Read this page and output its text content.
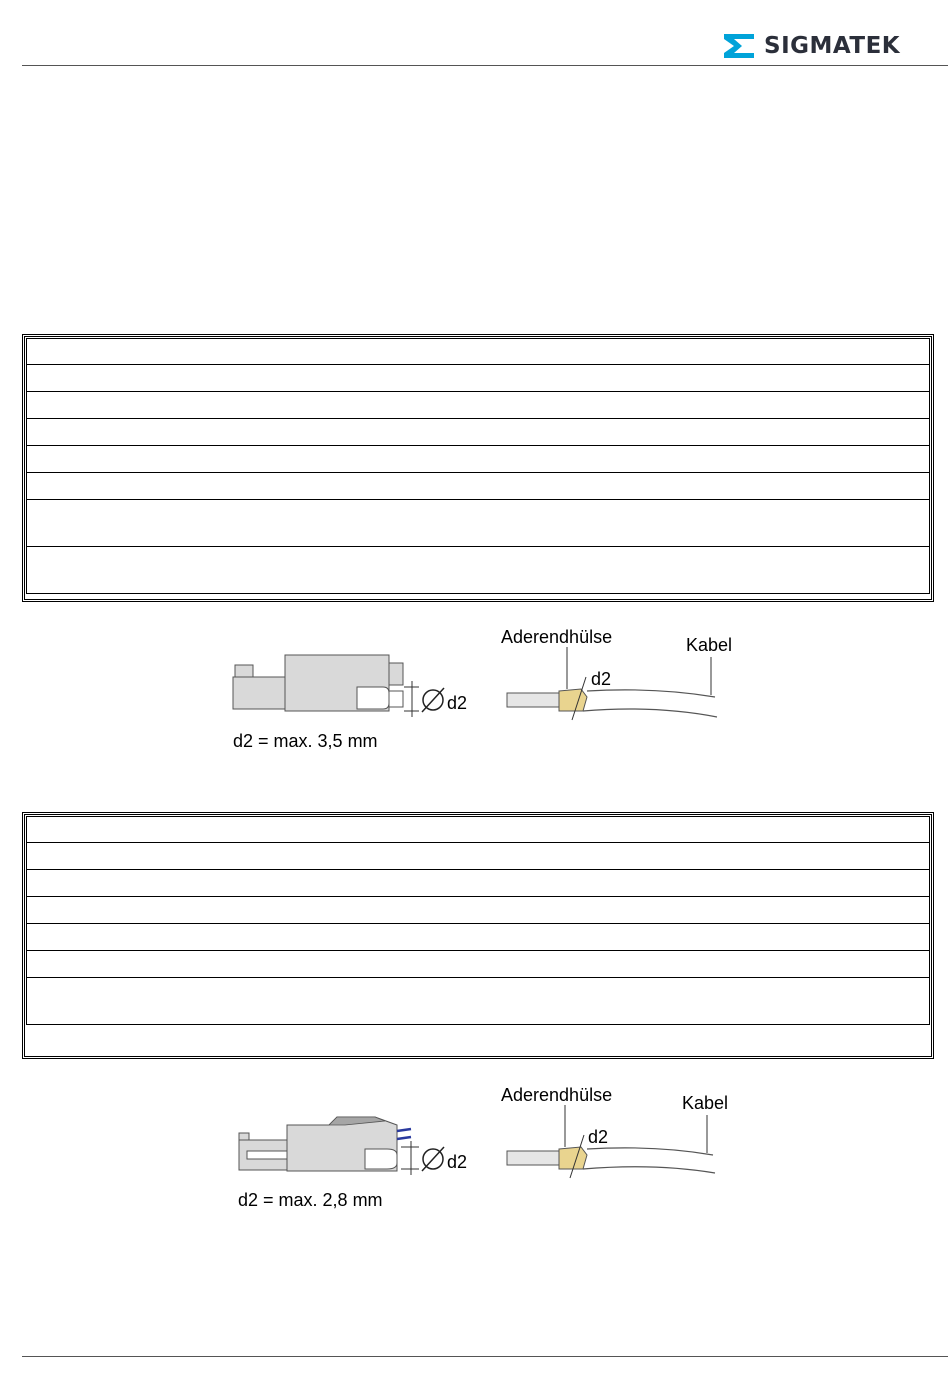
SIGMATEK
d2
d2 = max. 3,5 mm
Aderendhülse
d2
Kabel
d2
d2 = max. 2,8 mm
Aderendhülse
d2
Kabel
